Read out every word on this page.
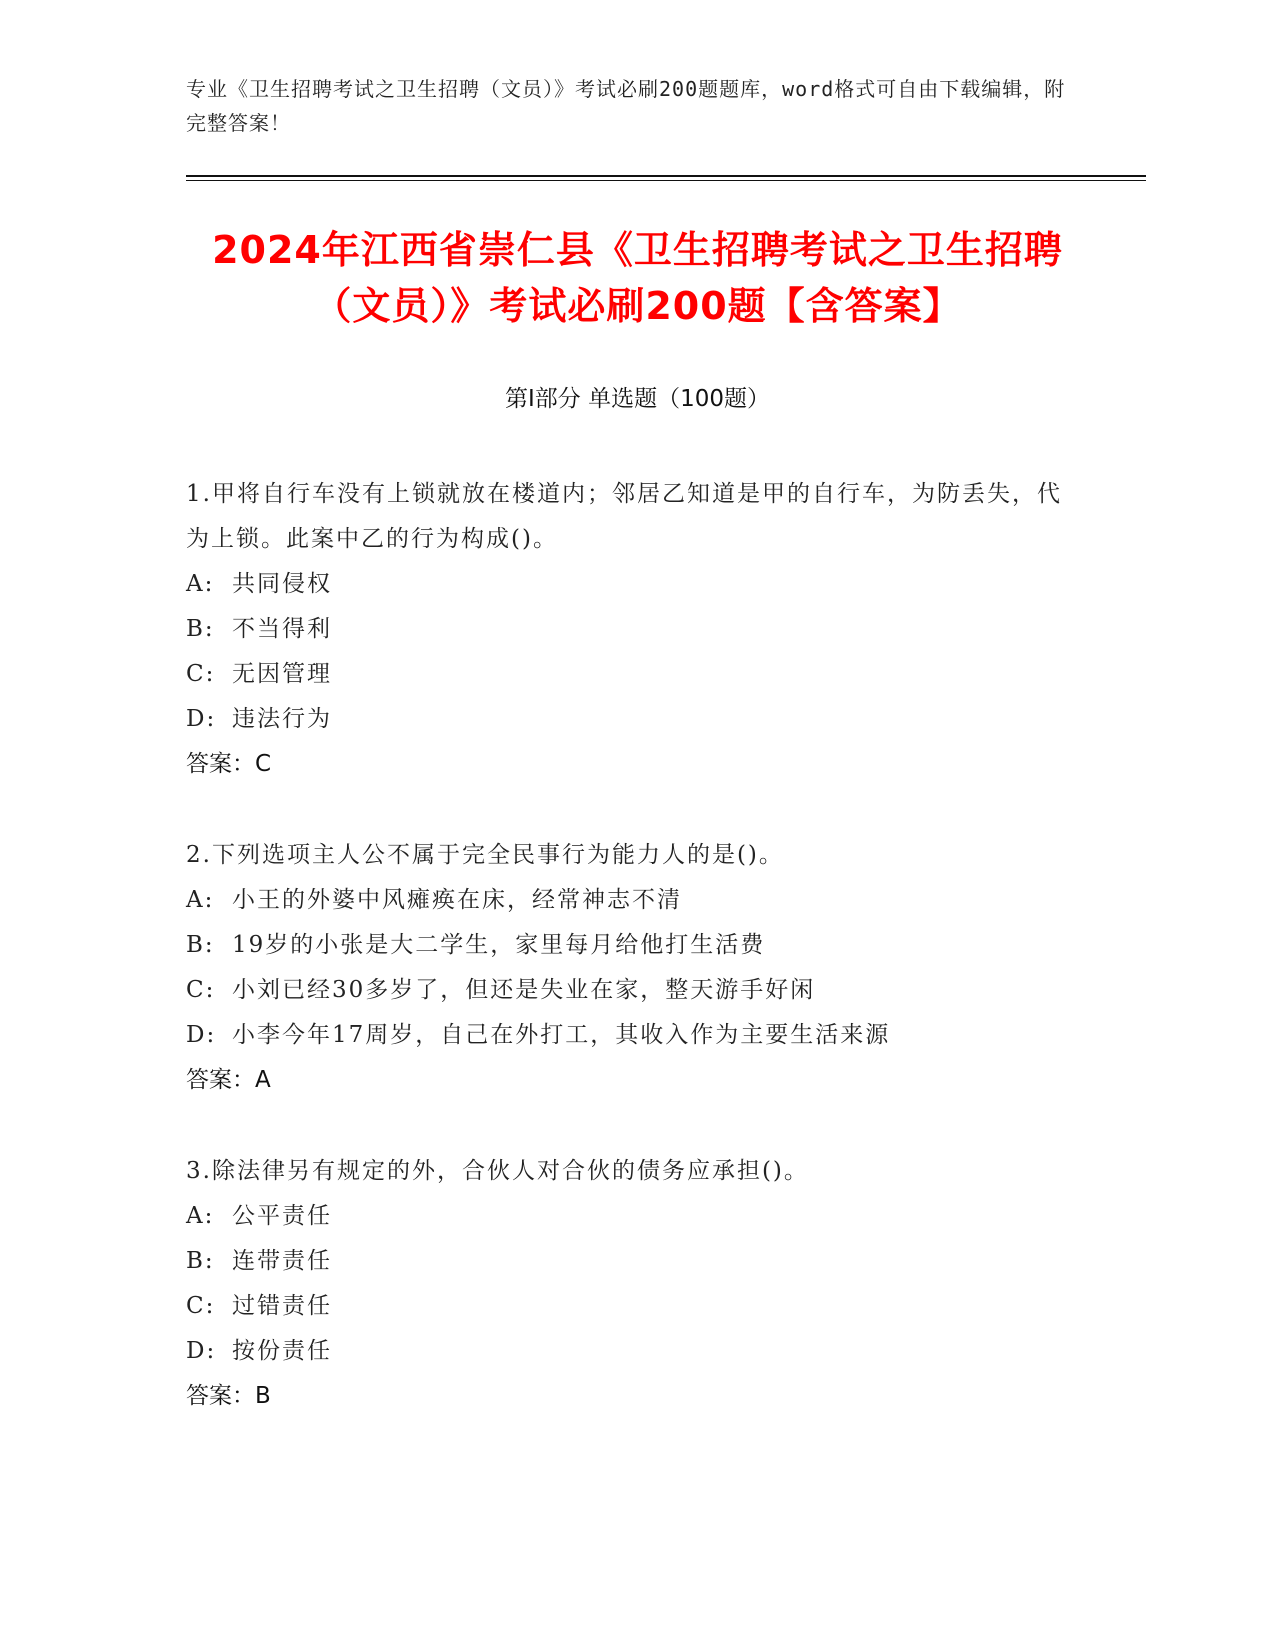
专业《卫生招聘考试之卫生招聘（文员）》考试必刷200题题库，word格式可自由下载编辑，附完整答案！
2024年江西省崇仁县《卫生招聘考试之卫生招聘（文员）》考试必刷200题【含答案】
第Ⅰ部分 单选题（100题）
1.甲将自行车没有上锁就放在楼道内；邻居乙知道是甲的自行车，为防丢失，代为上锁。此案中乙的行为构成()。
A: 共同侵权
B: 不当得利
C: 无因管理
D: 违法行为
答案：C
2.下列选项主人公不属于完全民事行为能力人的是()。
A: 小王的外婆中风瘫痪在床，经常神志不清
B: 19岁的小张是大二学生，家里每月给他打生活费
C: 小刘已经30多岁了，但还是失业在家，整天游手好闲
D: 小李今年17周岁，自己在外打工，其收入作为主要生活来源
答案：A
3.除法律另有规定的外，合伙人对合伙的债务应承担()。
A: 公平责任
B: 连带责任
C: 过错责任
D: 按份责任
答案：B
